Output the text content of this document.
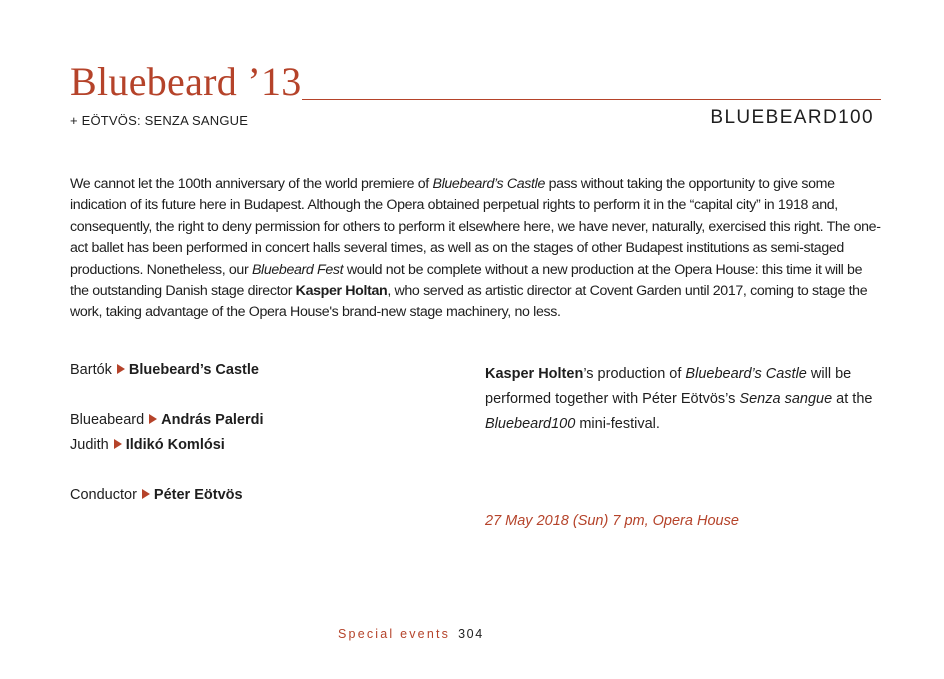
Bluebeard ’13
+ EÖTVÖS: SENZA SANGUE	BLUEBEARD100

We cannot let the 100th anniversary of the world premiere of Bluebeard’s Castle pass without taking the opportunity to give some indication of its future here in Budapest. Although the Opera obtained perpetual rights to perform it in the “capital city” in 1918 and, consequently, the right to deny permission for others to perform it elsewhere here, we have never, naturally, exercised this right. The one-act ballet has been performed in concert halls several times, as well as on the stages of other Budapest institutions as semi-staged productions. Nonetheless, our Bluebeard Fest would not be complete without a new production at the Opera House: this time it will be the outstanding Danish stage director Kasper Holtan, who served as artistic director at Covent Garden until 2017, coming to stage the work, taking advantage of the Opera House's brand-new stage machinery, no less.

Bartók Bluebeard’s Castle
Blueabeard András Palerdi
Judith Ildikó Komlósi
Conductor Péter Eötvös

Kasper Holten’s production of Bluebeard’s Castle will be performed together with Péter Eötvös’s Senza sangue at the Bluebeard100 mini-festival.

27 May 2018 (Sun) 7 pm, Opera House
Special events 304
